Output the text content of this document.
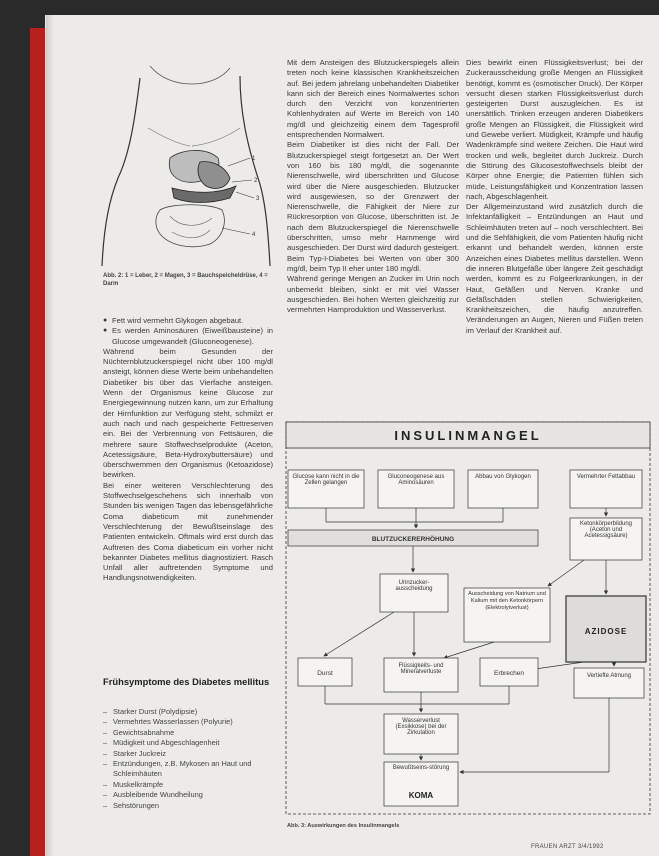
1
2
3
4
Abb. 2: 1 = Leber, 2 = Magen, 3 = Bauchspeicheldrüse, 4 = Darm

● Fett wird vermehrt Glykogen abgebaut.

● Es werden Aminosäuren (Eiweißbausteine) in Glucose umgewandelt (Gluconeogenese).

Während beim Gesunden der Nüchternblutzuckerspiegel nicht über 100 mg/dl ansteigt, können diese Werte beim unbehandelten Diabetiker bis über das Vierfache ansteigen. Wenn der Organismus keine Glucose zur Energiegewinnung nutzen kann, um zur Erhaltung der Hirnfunktion zur Verfügung steht, schmilzt er auch nach und nach gespeicherte Fettreserven ein. Bei der Verbrennung von Fettsäuren, die mehrere saure Stoffwechselprodukte (Aceton, Acetessigsäure, Beta-Hydroxybuttersäure) und überschwemmen den Organismus (Ketoazidose) bewirken.

Bei einer weiteren Verschlechterung des Stoffwechselgeschehens sich innerhalb von Stunden bis wenigen Tagen das lebensgefährliche Coma diabeticum mit zunehmender Verschlechterung der Bewußtseinslage des Patienten entwickeln. Oftmals wird erst durch das Auftreten des Coma diabeticum ein vorher nicht bekannter Diabetes mellitus diagnostiziert. Rasch Unfall aller auftretenden Symptome und Handlungsnotwendigkeiten.

Mit dem Ansteigen des Blutzuckerspiegels allein treten noch keine klassischen Krankheitszeichen auf. Bei jedem jahrelang unbehandelten Diabetiker kann sich der Bereich eines Normalwertes schon durch den Verzicht von konzentrierten Kohlenhydraten auf Werte im Bereich von 140 mg/dl und gleichzeitig einem dem Tagesprofil entsprechenden Normalwert.

Beim Diabetiker ist dies nicht der Fall. Der Blutzuckerspiegel steigt fortgesetzt an. Der Wert von 160 bis 180 mg/dl, die sogenannte Nierenschwelle, wird überschritten und Glucose wird über die Niere ausgeschieden. Blutzucker wird ausgewiesen, so der Grenzwert der Nierenschwelle, die Fähigkeit der Niere zur Rückresorption von Glucose, überschritten ist. Je nach dem Blutzuckerspiegel die Nierenschwelle überschritten, umso mehr Harnmenge wird ausgeschieden. Der Durst wird dadurch gesteigert. Beim Typ-I-Diabetes bei Werten von über 300 mg/dl, beim Typ II eher unter 180 mg/dl.

Während geringe Mengen an Zucker im Urin noch unbemerkt bleiben, sinkt er mit viel Wasser ausgeschieden. Bei hohen Werten gleichzeitig zur vermehrten Harnproduktion und Wasserverlust.

Dies bewirkt einen Flüssigkeitsverlust; bei der Zuckerausscheidung große Mengen an Flüssigkeit benötigt, kommt es (osmotischer Druck). Der Körper versucht diesen starken Flüssigkeitsverlust durch gesteigerten Durst auszugleichen. Es ist unersättlich. Trinken erzeugen anderen Diabetikers große Mengen an Flüssigkeit, die Flüssigkeit wird und Gewebe verliert. Müdigkeit, Krämpfe und häufig Wadenkrämpfe sind weitere Zeichen. Die Haut wird trocken und welk, begleitet durch Juckreiz. Durch die Störung des Glucosestoffwechsels bleibt der Körper ohne Energie; die Patienten fühlen sich müde, Leistungsfähigkeit und Konzentration lassen nach, Abgeschlagenheit.

Der Allgemeinzustand wird zusätzlich durch die Infektanfälligkeit – Entzündungen an Haut und Schleimhäuten treten auf – noch verschlechtert. Bei und die Sehfähigkeit, die vom Patienten häufig nicht erkannt und behandelt werden, können erste Anzeichen eines Diabetes mellitus darstellen. Wenn die inneren Blutgefäße über längere Zeit geschädigt werden, kommt es zu Folgeerkrankungen, in der Haut, Gefäßen und Nerven. Kranke und Gefäßschäden stellen Schwierigkeiten, Krankheitszeichen, die häufig anzutreffen. Veränderungen an Augen, Nieren und Füßen treten im Verlauf der Krankheit auf.

Frühsymptome des Diabetes mellitus
– Starker Durst (Polydipsie)
– Vermehrtes Wasserlassen (Polyurie)
– Gewichtsabnahme
– Müdigkeit und Abgeschlagenheit
– Starker Juckreiz
– Entzündungen, z.B. Mykosen an Haut und Schleimhäuten
– Muskelkrämpfe
– Ausbleibende Wundheilung
– Sehstörungen
INSULINMANGEL
Glucose kann nicht in die Zellen gelangen
Gluconeogenese aus Aminosäuren
Abbau von Glykogen	Vermehrter Fettabbau
BLUTZUCKERERHÖHUNG
Ketonkörperbildung (Aceton und Acetessigsäure)
Urinzucker-ausscheidung
Ausscheidung von Natrium und Kalium mit den Ketonkörpern (Elektrolytverlust)
AZIDOSE
Durst
Flüssigkeits- und Mineralverluste	Erbrechen	Vertiefte Atmung
Wasserverlust (Exsikkose) bei der Zirkulation
Bewußtseins-störung
KOMA
Abb. 3: Auswirkungen des Insulinmangels
FRAUEN ARZT 3/4/1992
